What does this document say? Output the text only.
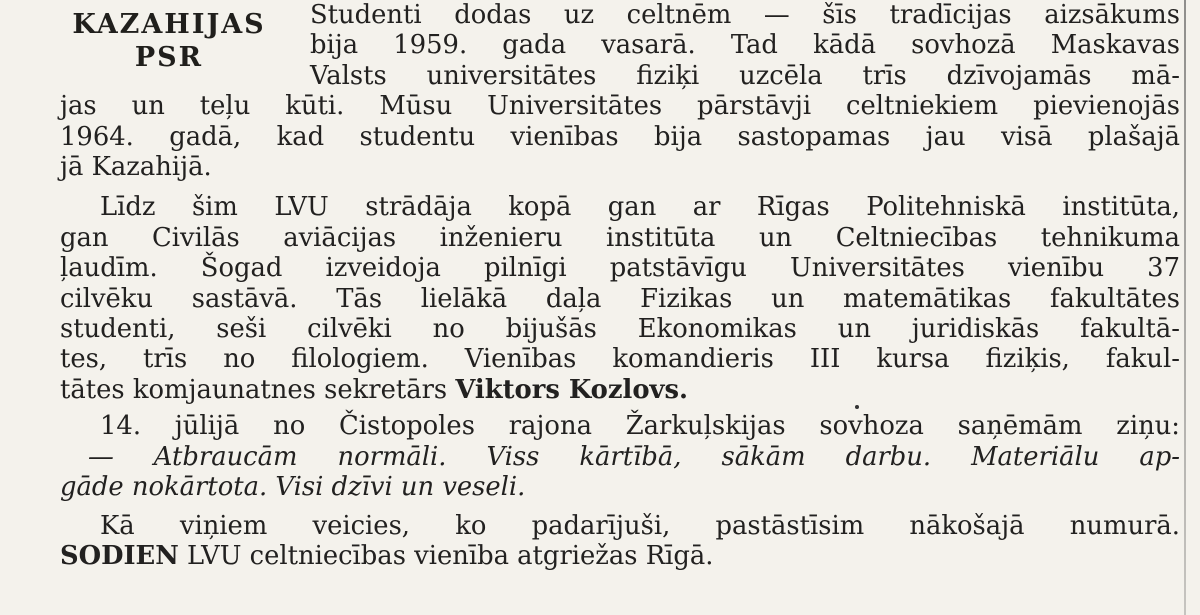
KAZAHIJAS
PSR

Studenti dodas uz celtnēm — šīs tradīcijas aizsākums
bija 1959. gada vasarā. Tad kādā sovhozā Maskavas
Valsts universitātes fiziķi uzcēla trīs dzīvojamās mā-
jas un teļu kūti. Mūsu Universitātes pārstāvji celtniekiem pievienojās
1964. gadā, kad studentu vienības bija sastopamas jau visā plašajā
jā Kazahijā.

Līdz šim LVU strādāja kopā gan ar Rīgas Politehniskā institūta,
gan Civilās aviācijas inženieru institūta un Celtniecības tehnikuma
ļaudīm. Šogad izveidoja pilnīgi patstāvīgu Universitātes vienību 37
cilvēku sastāvā. Tās lielākā daļa Fizikas un matemātikas fakultātes
studenti, seši cilvēki no bijušās Ekonomikas un juridiskās fakultā-
tes, trīs no filologiem. Vienības komandieris III kursa fiziķis, fakul-
tātes komjaunatnes sekretārs Viktors Kozlovs.

14. jūlijā no Čistopoles rajona Žarkuļskijas sovhoza saņēmām ziņu:
— Atbraucām normāli. Viss kārtībā, sākām darbu. Materiālu ap-
gāde nokārtota. Visi dzīvi un veseli.

Kā viņiem veicies, ko padarījuši, pastāstīsim nākošajā numurā.
SODIEN LVU celtniecības vienība atgriežas Rīgā.
